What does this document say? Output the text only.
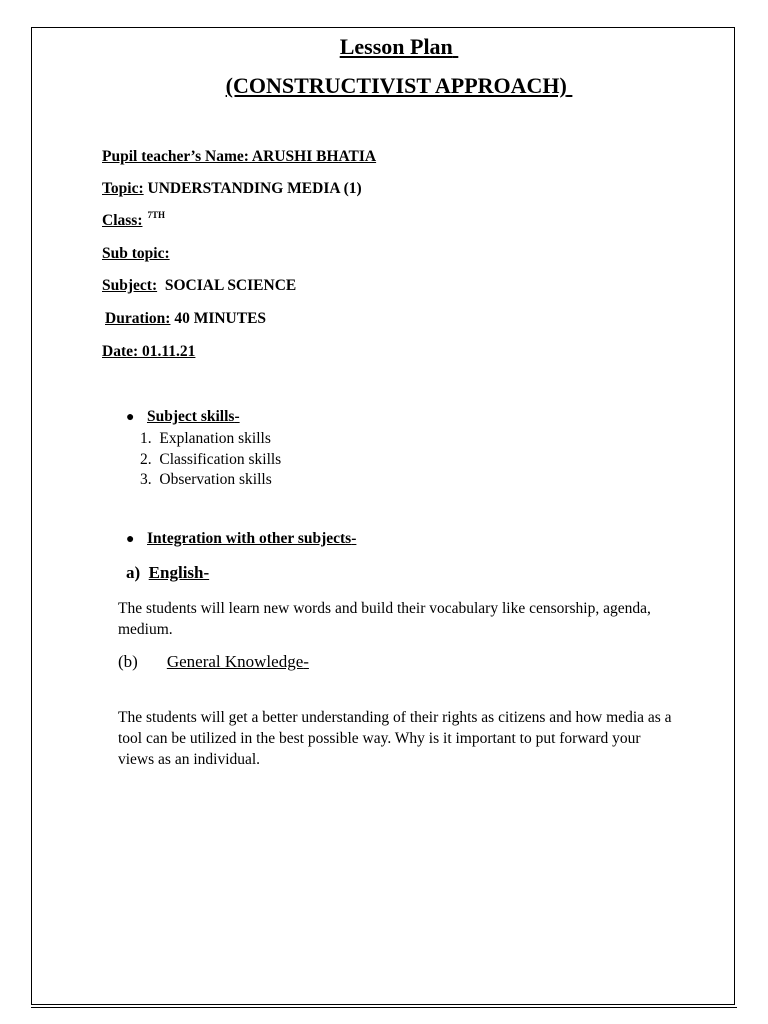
Lesson Plan
(CONSTRUCTIVIST APPROACH)
Pupil teacher’s Name: ARUSHI BHATIA
Topic: UNDERSTANDING MEDIA (1)
Class: $^{7TH}$
Sub topic:
Subject: SOCIAL SCIENCE
Duration: 40 MINUTES
Date: 01.11.21
● Subject skills-
1.  Explanation skills
2.  Classification skills
3.  Observation skills
● Integration with other subjects-
a) English-
The students will learn new words and build their vocabulary like censorship, agenda, medium.
(b) General Knowledge-
The students will get a better understanding of their rights as citizens and how media as a tool can be utilized in the best possible way. Why is it important to put forward your views as an individual.
